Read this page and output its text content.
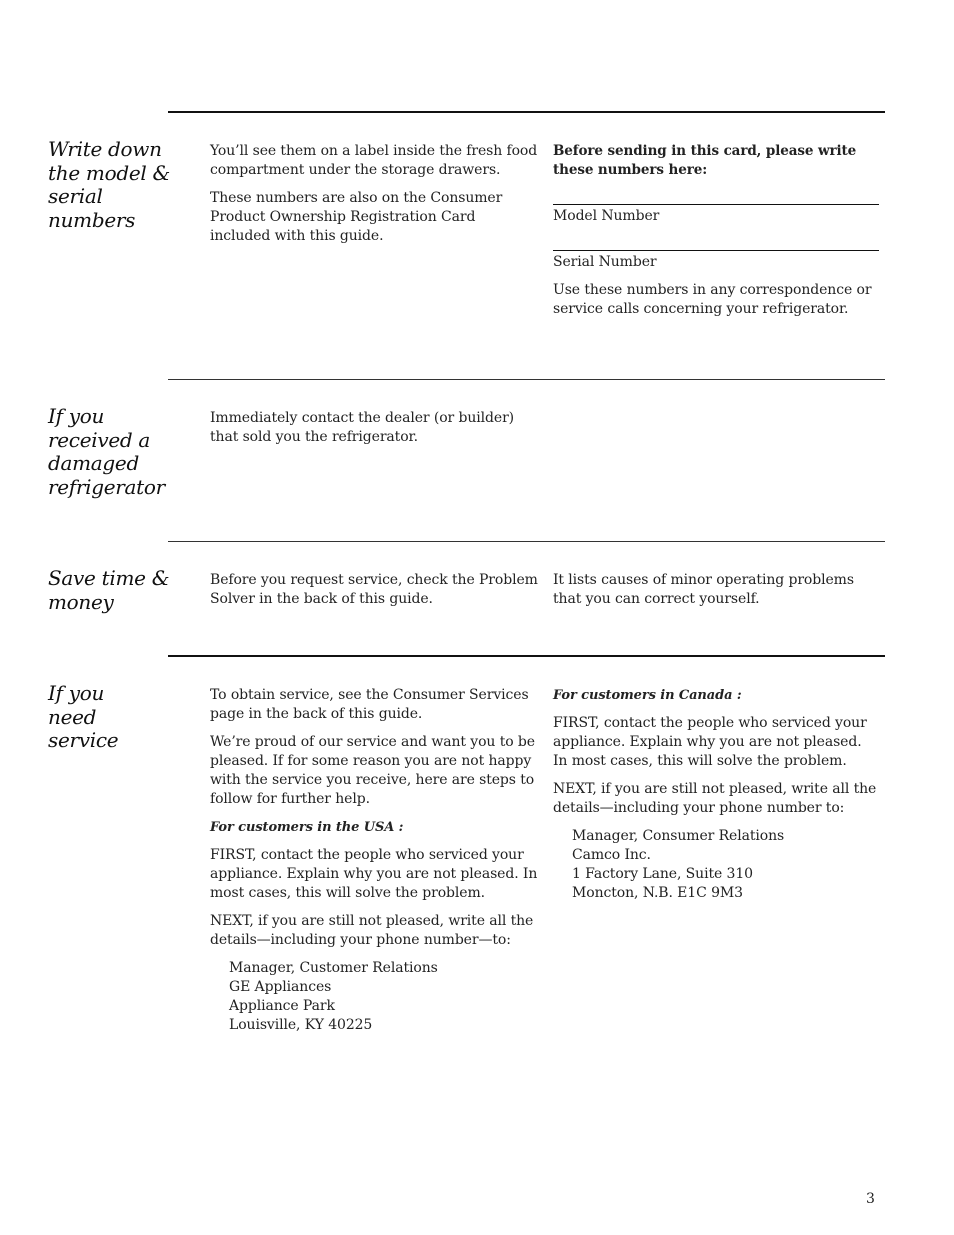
Write down the model & serial numbers

You’ll see them on a label inside the fresh food compartment under the storage drawers.

These numbers are also on the Consumer Product Ownership Registration Card included with this guide.

Before sending in this card, please write these numbers here:

Model Number
Serial Number

Use these numbers in any correspondence or service calls concerning your refrigerator.

If you received a damaged refrigerator

Immediately contact the dealer (or builder) that sold you the refrigerator.

Save time & money

Before you request service, check the Problem Solver in the back of this guide.

It lists causes of minor operating problems that you can correct yourself.

If you need service

To obtain service, see the Consumer Services page in the back of this guide.

We’re proud of our service and want you to be pleased. If for some reason you are not happy with the service you receive, here are steps to follow for further help.

For customers in the USA :

FIRST, contact the people who serviced your appliance. Explain why you are not pleased. In most cases, this will solve the problem.

NEXT, if you are still not pleased, write all the details—including your phone number—to:

Manager, Customer Relations
GE Appliances
Appliance Park
Louisville, KY 40225

For customers in Canada :

FIRST, contact the people who serviced your appliance. Explain why you are not pleased. In most cases, this will solve the problem.

NEXT, if you are still not pleased, write all the details—including your phone number to:

Manager, Consumer Relations
Camco Inc.
1 Factory Lane, Suite 310
Moncton, N.B. E1C 9M3
3
